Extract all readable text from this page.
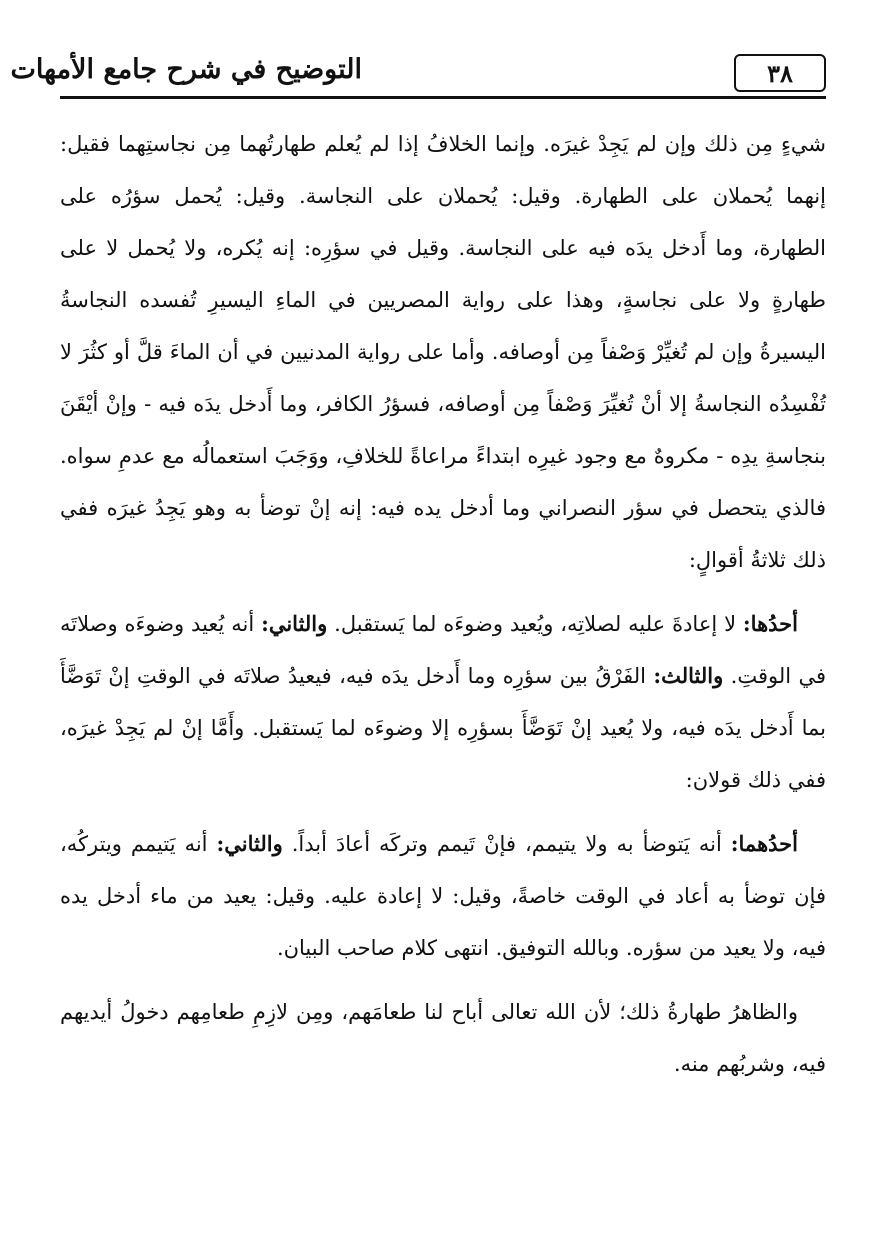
٣٨
التوضيح في شرح جامع الأمهات

شيءٍ مِن ذلك وإن لم يَجِدْ غيرَه. وإنما الخلافُ إذا لم يُعلم طهارتُهما مِن نجاستِهما فقيل: إنهما يُحملان على الطهارة. وقيل: يُحملان على النجاسة. وقيل: يُحمل سؤرُه على الطهارة، وما أَدخل يدَه فيه على النجاسة. وقيل في سؤرِه: إنه يُكره، ولا يُحمل لا على طهارةٍ ولا على نجاسةٍ، وهذا على رواية المصريين في الماءِ اليسيرِ تُفسده النجاسةُ اليسيرةُ وإن لم تُغيِّرْ وَصْفاً مِن أوصافه. وأما على رواية المدنيين في أن الماءَ قلَّ أو كثُرَ لا تُفْسِدُه النجاسةُ إلا أنْ تُغيِّرَ وَصْفاً مِن أوصافه، فسؤرُ الكافر، وما أَدخل يدَه فيه - وإنْ أيْقَنَ بنجاسةِ يدِه - مكروهٌ مع وجود غيرِه ابتداءً مراعاةً للخلافِ، ووَجَبَ استعمالُه مع عدمِ سواه. فالذي يتحصل في سؤر النصراني وما أدخل يده فيه: إنه إنْ توضأ به وهو يَجِدُ غيرَه ففي ذلك ثلاثةُ أقوالٍ:

أحدُها: لا إعادةَ عليه لصلاتِه، ويُعيد وضوءَه لما يَستقبل. والثاني: أنه يُعيد وضوءَه وصلاتَه في الوقتِ. والثالث: الفَرْقُ بين سؤرِه وما أَدخل يدَه فيه، فيعيدُ صلاتَه في الوقتِ إنْ تَوَضَّأَ بما أَدخل يدَه فيه، ولا يُعيد إنْ تَوَضَّأَ بسؤرِه إلا وضوءَه لما يَستقبل. وأَمَّا إنْ لم يَجِدْ غيرَه، ففي ذلك قولان:

أحدُهما: أنه يَتوضأ به ولا يتيمم، فإنْ تَيمم وتركَه أعادَ أبداً. والثاني: أنه يَتيمم ويتركُه، فإن توضأ به أعاد في الوقت خاصةً، وقيل: لا إعادة عليه. وقيل: يعيد من ماء أدخل يده فيه، ولا يعيد من سؤره. وبالله التوفيق. انتهى كلام صاحب البيان.

والظاهرُ طهارةُ ذلك؛ لأن الله تعالى أباح لنا طعامَهم، ومِن لازِمِ طعامِهم دخولُ أيديهم فيه، وشربُهم منه.
